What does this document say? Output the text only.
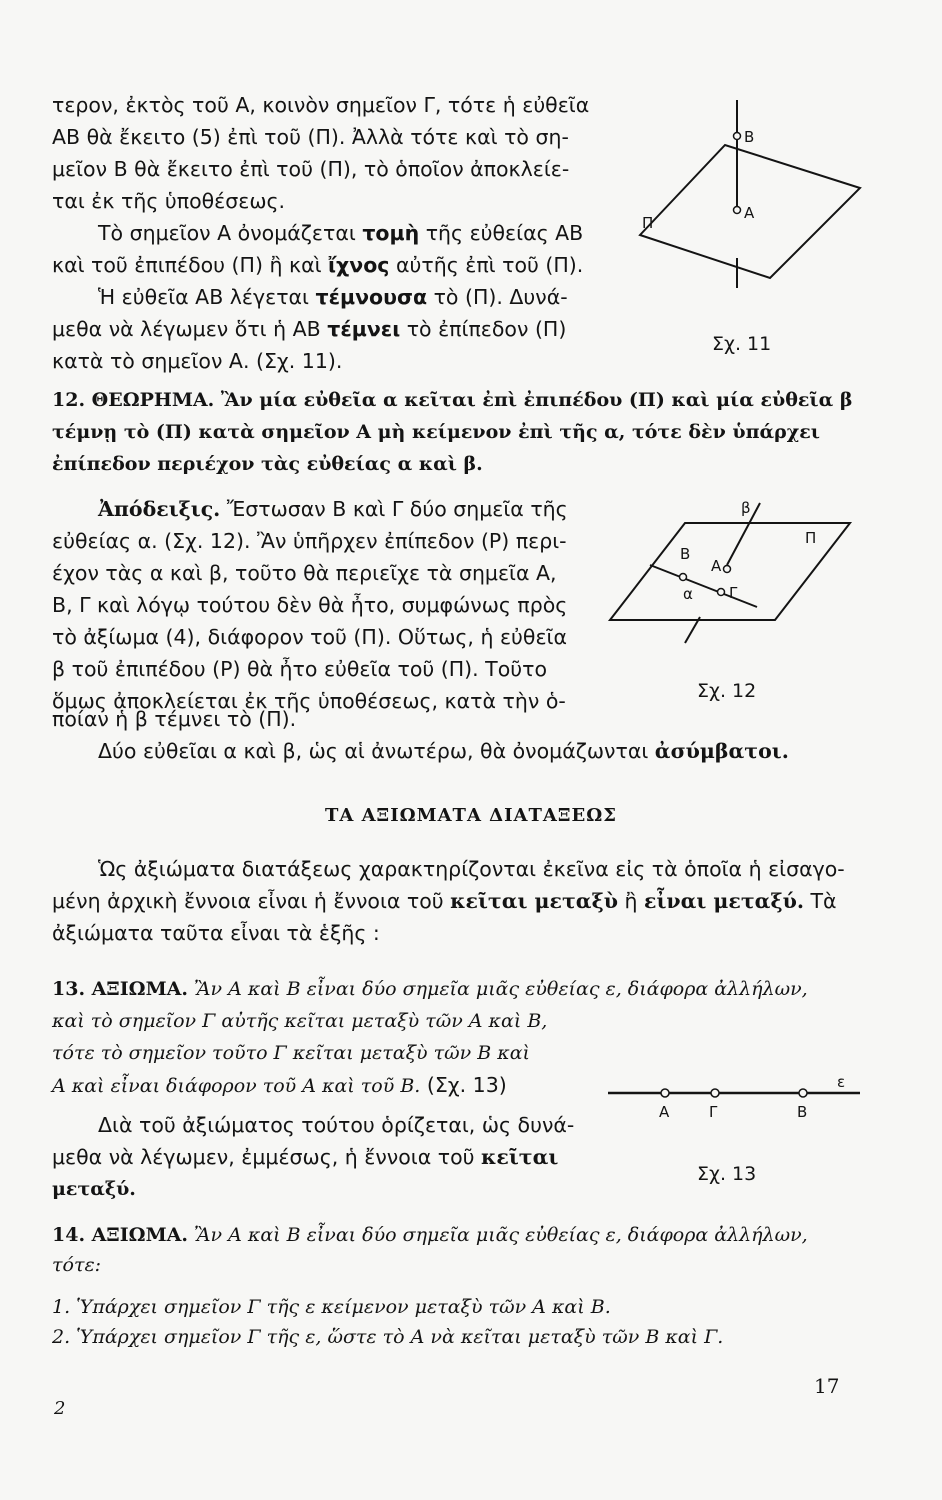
τερον, ἐκτὸς τοῦ Α, κοινὸν σημεῖον Γ, τότε ἡ εὐθεῖα
ΑΒ θὰ ἔκειτο (5) ἐπὶ τοῦ (Π). Ἀλλὰ τότε καὶ τὸ ση-
μεῖον Β θὰ ἔκειτο ἐπὶ τοῦ (Π), τὸ ὁποῖον ἀποκλείε-
ται ἐκ τῆς ὑποθέσεως.
Τὸ σημεῖον Α ὀνομάζεται τομὴ τῆς εὐθείας ΑΒ
καὶ τοῦ ἐπιπέδου (Π) ἢ καὶ ἴχνος αὐτῆς ἐπὶ τοῦ (Π).
Ἡ εὐθεῖα ΑΒ λέγεται τέμνουσα τὸ (Π). Δυνά-
μεθα νὰ λέγωμεν ὅτι ἡ ΑΒ τέμνει τὸ ἐπίπεδον (Π)
κατὰ τὸ σημεῖον Α. (Σχ. 11).
Β
Α
Π
Σχ. 11
12. ΘΕΩΡΗΜΑ. Ἂν μία εὐθεῖα α κεῖται ἐπὶ ἐπιπέδου (Π) καὶ μία εὐθεῖα β
τέμνῃ τὸ (Π) κατὰ σημεῖον Α μὴ κείμενον ἐπὶ τῆς α, τότε δὲν ὑπάρχει
ἐπίπεδον περιέχον τὰς εὐθείας α καὶ β.
Ἀπόδειξις. Ἔστωσαν Β καὶ Γ δύο σημεῖα τῆς
εὐθείας α. (Σχ. 12). Ἂν ὑπῆρχεν ἐπίπεδον (Ρ) περι-
έχον τὰς α καὶ β, τοῦτο θὰ περιεῖχε τὰ σημεῖα Α,
Β, Γ καὶ λόγῳ τούτου δὲν θὰ ἦτο, συμφώνως πρὸς
τὸ ἀξίωμα (4), διάφορον τοῦ (Π). Οὕτως, ἡ εὐθεῖα
β τοῦ ἐπιπέδου (Ρ) θὰ ἦτο εὐθεῖα τοῦ (Π). Τοῦτο
ὅμως ἀποκλείεται ἐκ τῆς ὑποθέσεως, κατὰ τὴν ὁ-
ποίαν ἡ β τέμνει τὸ (Π).
Δύο εὐθεῖαι α καὶ β, ὡς αἱ ἀνωτέρω, θὰ ὀνομάζωνται ἀσύμβατοι.
β
Π
Β
Α
α Γ
Σχ. 12
ΤΑ ΑΞΙΩΜΑΤΑ ΔΙΑΤΑΞΕΩΣ
Ὡς ἀξιώματα διατάξεως χαρακτηρίζονται ἐκεῖνα εἰς τὰ ὁποῖα ἡ εἰσαγο-
μένη ἀρχικὴ ἔννοια εἶναι ἡ ἔννοια τοῦ κεῖται μεταξὺ ἢ εἶναι μεταξύ. Τὰ
ἀξιώματα ταῦτα εἶναι τὰ ἑξῆς :
13. ΑΞΙΩΜΑ. Ἂν Α καὶ Β εἶναι δύο σημεῖα μιᾶς εὐθείας ε, διάφορα ἀλλήλων,
καὶ τὸ σημεῖον Γ αὐτῆς κεῖται μεταξὺ τῶν Α καὶ Β,
τότε τὸ σημεῖον τοῦτο Γ κεῖται μεταξὺ τῶν Β καὶ
Α καὶ εἶναι διάφορον τοῦ Α καὶ τοῦ Β. (Σχ. 13)
Διὰ τοῦ ἀξιώματος τούτου ὁρίζεται, ὡς δυνά-
μεθα νὰ λέγωμεν, ἐμμέσως, ἡ ἔννοια τοῦ κεῖται
μεταξύ.
ε
Α	Γ	Β
Σχ. 13
14. ΑΞΙΩΜΑ. Ἂν Α καὶ Β εἶναι δύο σημεῖα μιᾶς εὐθείας ε, διάφορα ἀλλήλων,
τότε:
1. Ὑπάρχει σημεῖον Γ τῆς ε κείμενον μεταξὺ τῶν Α καὶ Β.
2. Ὑπάρχει σημεῖον Γ τῆς ε, ὥστε τὸ Α νὰ κεῖται μεταξὺ τῶν Β καὶ Γ.
17
2
